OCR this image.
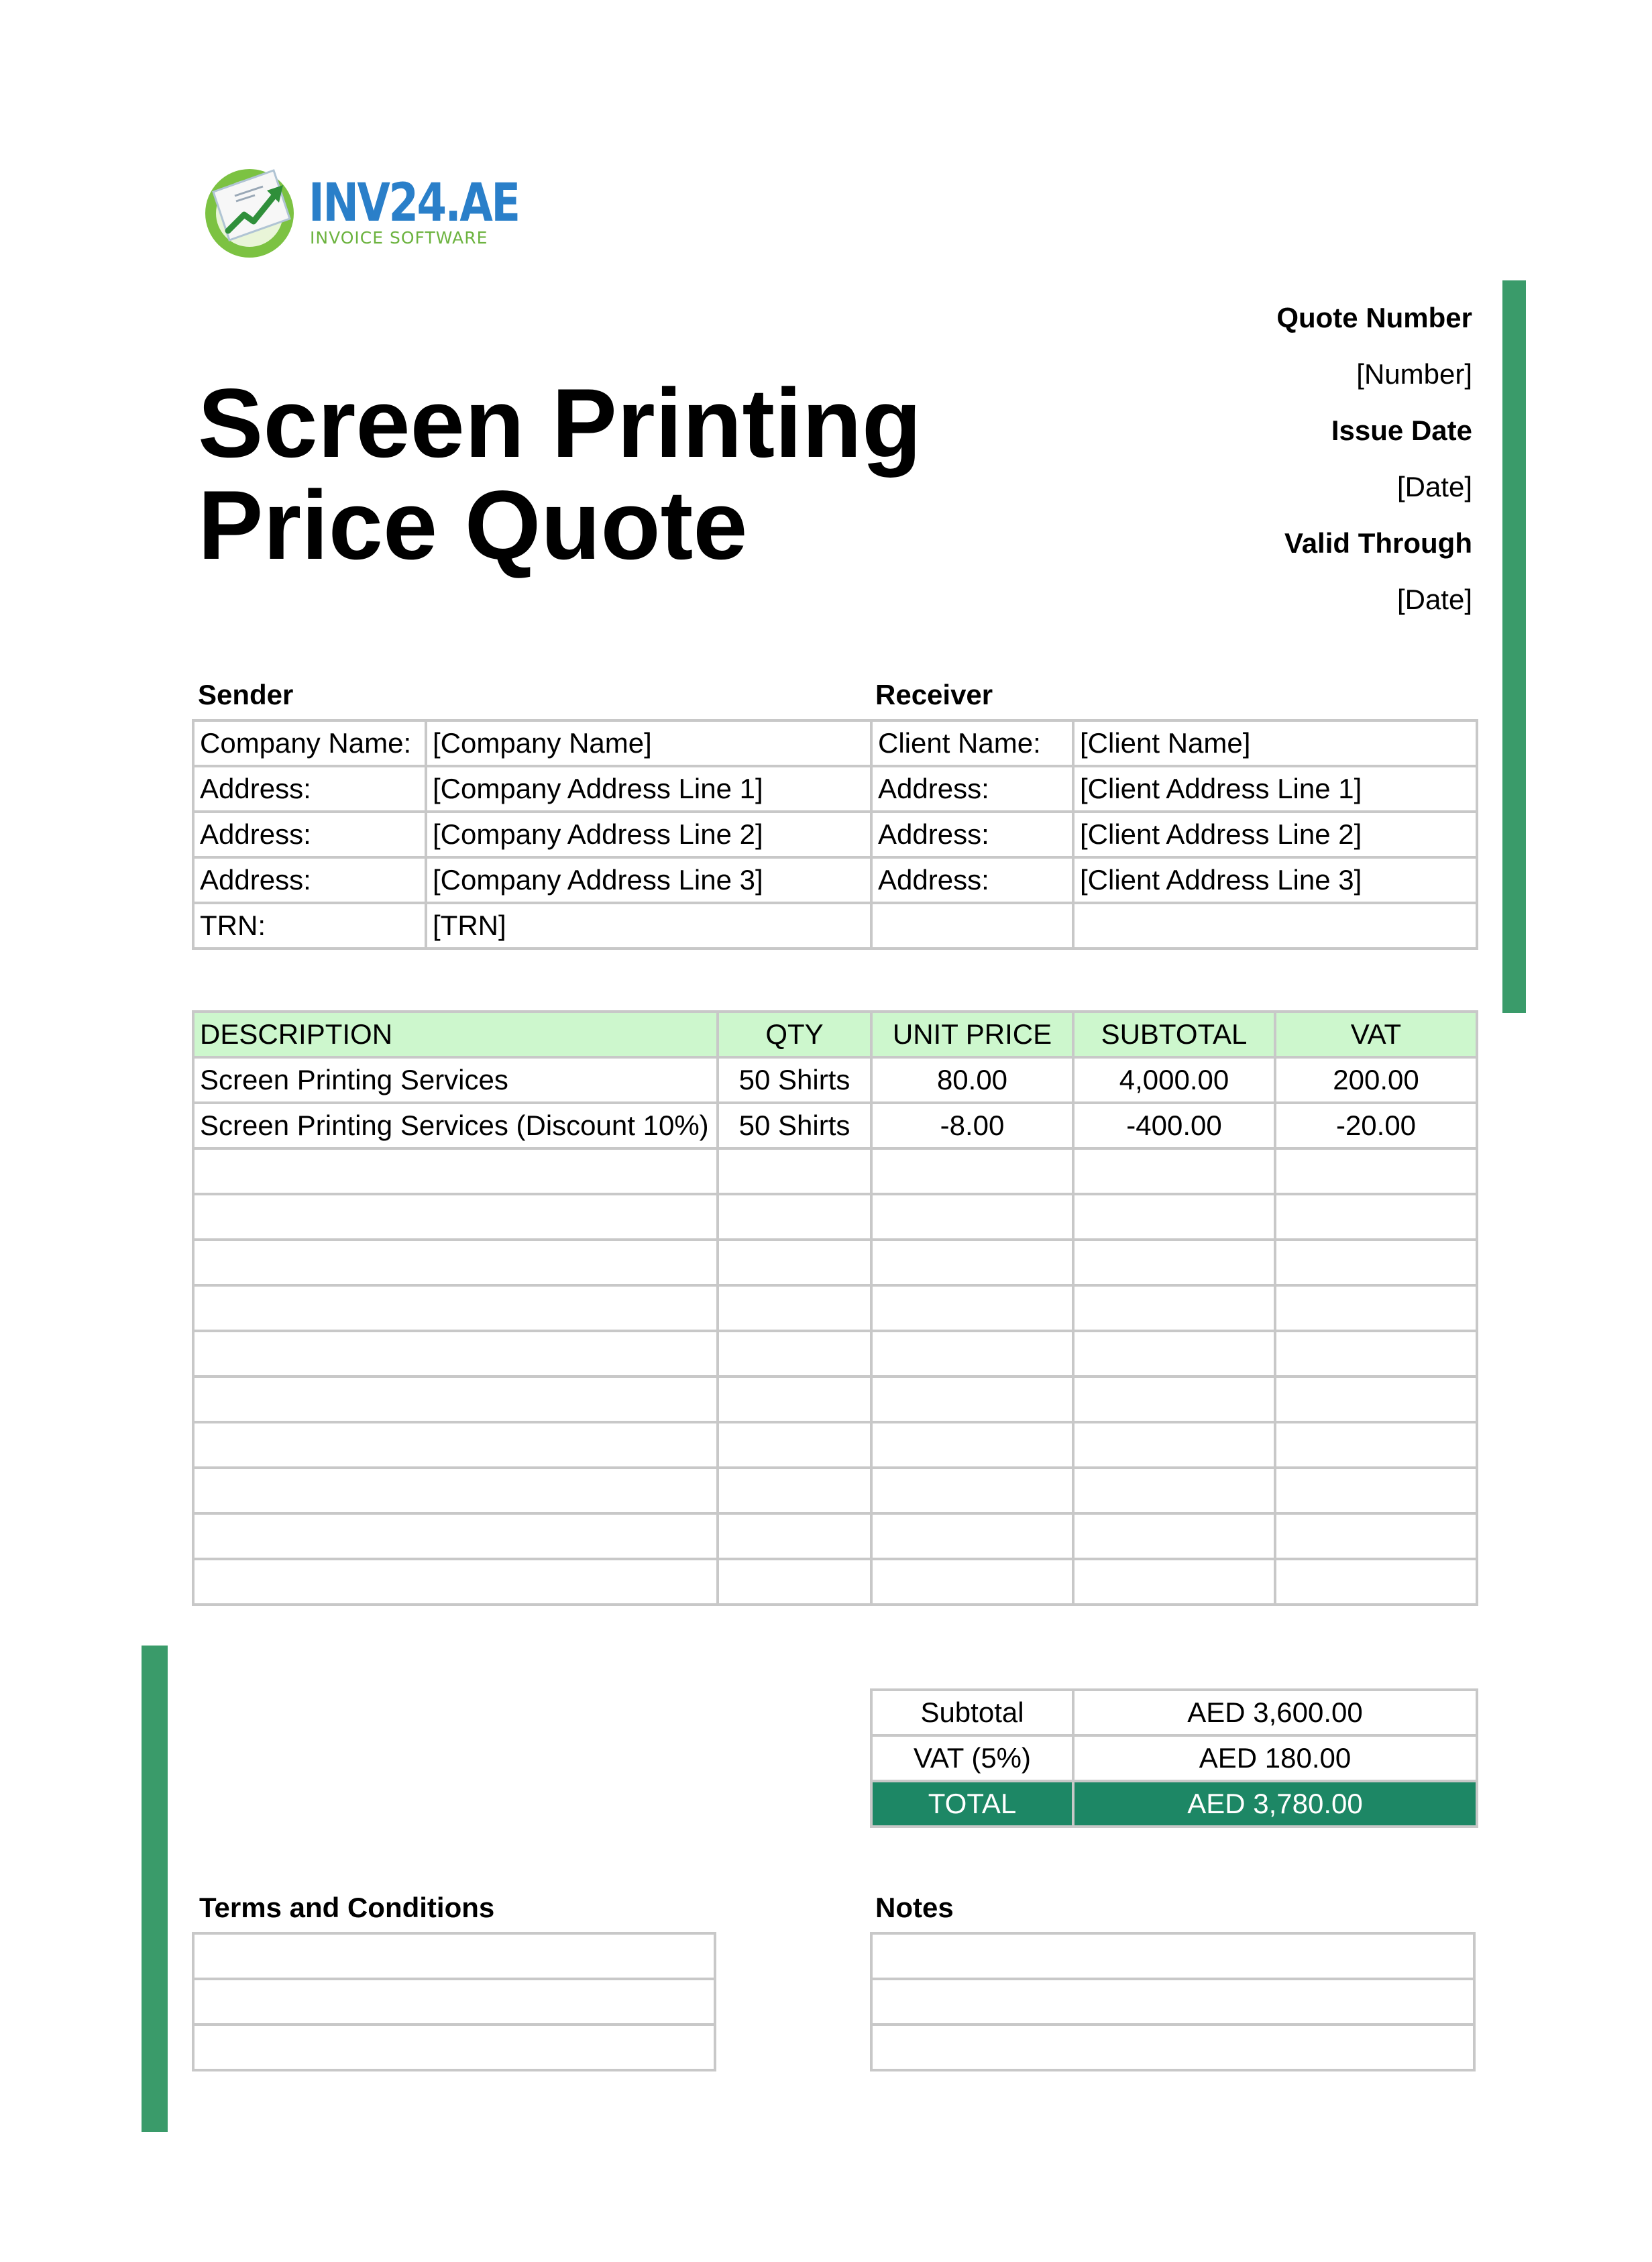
INV24.AE
INVOICE SOFTWARE
Screen Printing
Price Quote
Quote Number
[Number]
Issue Date
[Date]
Valid Through
[Date]
Sender	Receiver
Company Name:	[Company Name]	Client Name:	[Client Name]
Address:	[Company Address Line 1]	Address:	[Client Address Line 1]
Address:	[Company Address Line 2]	Address:	[Client Address Line 2]
Address:	[Company Address Line 3]	Address:	[Client Address Line 3]
TRN:	[TRN]		
DESCRIPTION	QTY	UNIT PRICE	SUBTOTAL	VAT
Screen Printing Services	50 Shirts	80.00	4,000.00	200.00
Screen Printing Services (Discount 10%)	50 Shirts	-8.00	-400.00	-20.00

Subtotal	AED 3,600.00
VAT (5%)	AED 180.00
TOTAL	AED 3,780.00
Terms and Conditions	Notes
